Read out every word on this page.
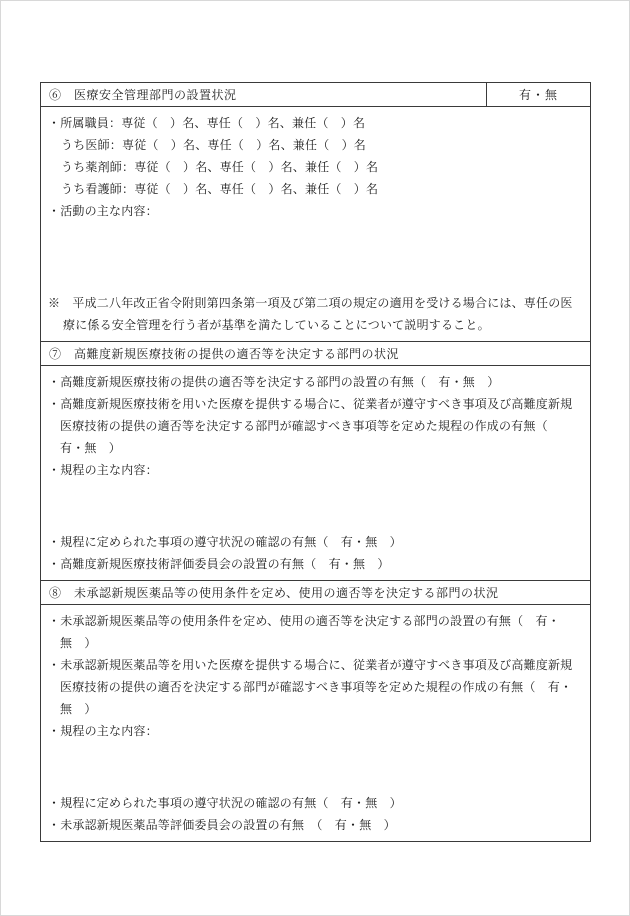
⑥　医療安全管理部門の設置状況	有・無
・所属職員：専従（　）名、専任（　）名、兼任（　）名
うち医師：専従（　）名、専任（　）名、兼任（　）名
うち薬剤師：専従（　）名、専任（　）名、兼任（　）名
うち看護師：専従（　）名、専任（　）名、兼任（　）名
・活動の主な内容：
※　平成二八年改正省令附則第四条第一項及び第二項の規定の適用を受ける場合には、専任の医療に係る安全管理を行う者が基準を満たしていることについて説明すること。
⑦　高難度新規医療技術の提供の適否等を決定する部門の状況
・高難度新規医療技術の提供の適否等を決定する部門の設置の有無（　有・無　）
・高難度新規医療技術を用いた医療を提供する場合に、従業者が遵守すべき事項及び高難度新規医療技術の提供の適否等を決定する部門が確認すべき事項等を定めた規程の作成の有無（　有・無　）
・規程の主な内容：
・規程に定められた事項の遵守状況の確認の有無（　有・無　）
・高難度新規医療技術評価委員会の設置の有無（　有・無　）
⑧　未承認新規医薬品等の使用条件を定め、使用の適否等を決定する部門の状況
・未承認新規医薬品等の使用条件を定め、使用の適否等を決定する部門の設置の有無（　有・無　）
・未承認新規医薬品等を用いた医療を提供する場合に、従業者が遵守すべき事項及び高難度新規医療技術の提供の適否を決定する部門が確認すべき事項等を定めた規程の作成の有無（　有・無　）
・規程の主な内容：
・規程に定められた事項の遵守状況の確認の有無（　有・無　）
・未承認新規医薬品等評価委員会の設置の有無　（　有・無　）
